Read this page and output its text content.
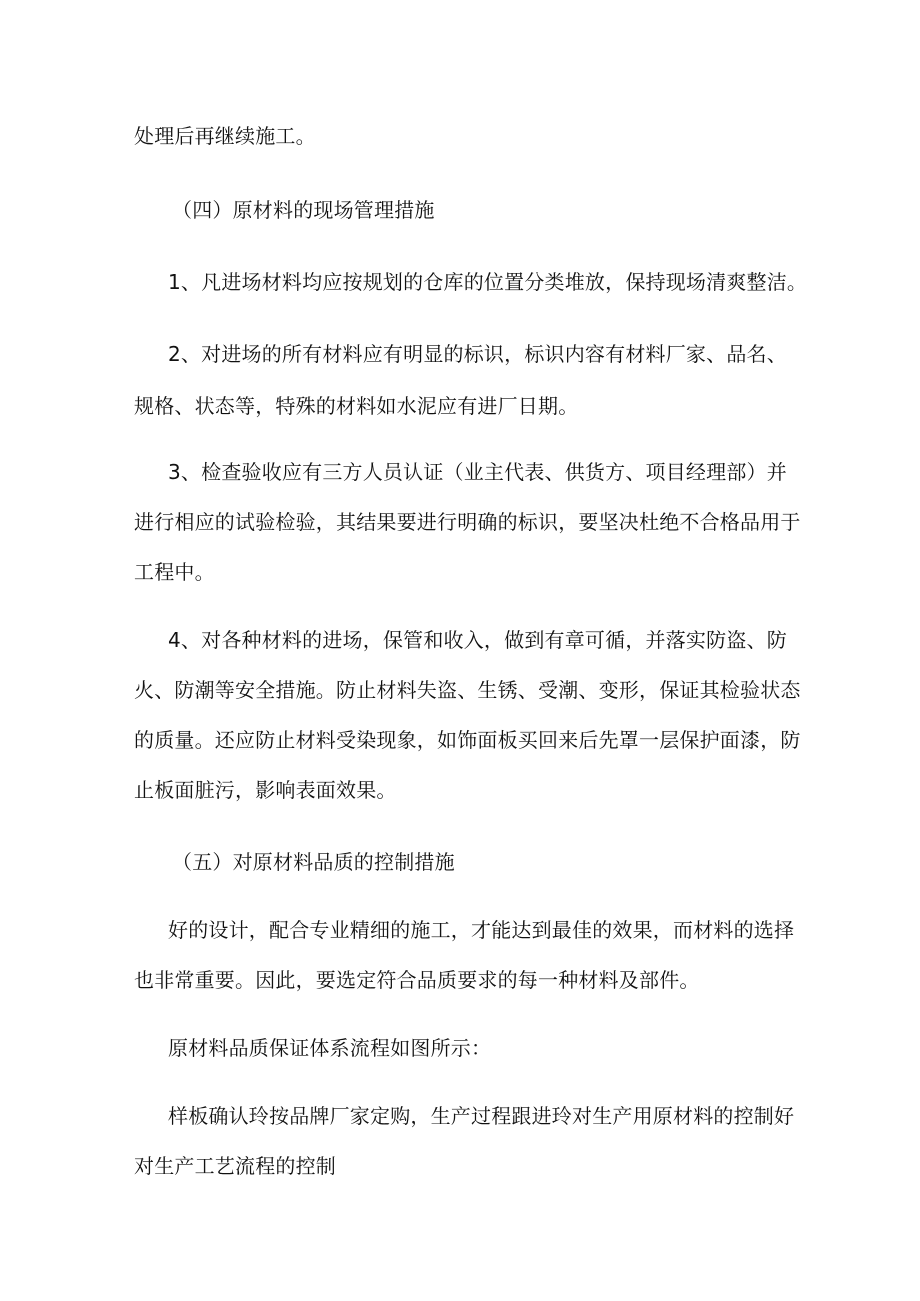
处理后再继续施工。
（四）原材料的现场管理措施
1、凡进场材料均应按规划的仓库的位置分类堆放，保持现场清爽整洁。
2、对进场的所有材料应有明显的标识，标识内容有材料厂家、品名、
规格、状态等，特殊的材料如水泥应有进厂日期。
3、检查验收应有三方人员认证（业主代表、供货方、项目经理部）并
进行相应的试验检验，其结果要进行明确的标识，要坚决杜绝不合格品用于
工程中。
4、对各种材料的进场，保管和收入，做到有章可循，并落实防盗、防
火、防潮等安全措施。防止材料失盗、生锈、受潮、变形，保证其检验状态
的质量。还应防止材料受染现象，如饰面板买回来后先罩一层保护面漆，防
止板面脏污，影响表面效果。
（五）对原材料品质的控制措施
好的设计，配合专业精细的施工，才能达到最佳的效果，而材料的选择
也非常重要。因此，要选定符合品质要求的每一种材料及部件。
原材料品质保证体系流程如图所示：
样板确认玲按品牌厂家定购，生产过程跟进玲对生产用原材料的控制好
对生产工艺流程的控制
